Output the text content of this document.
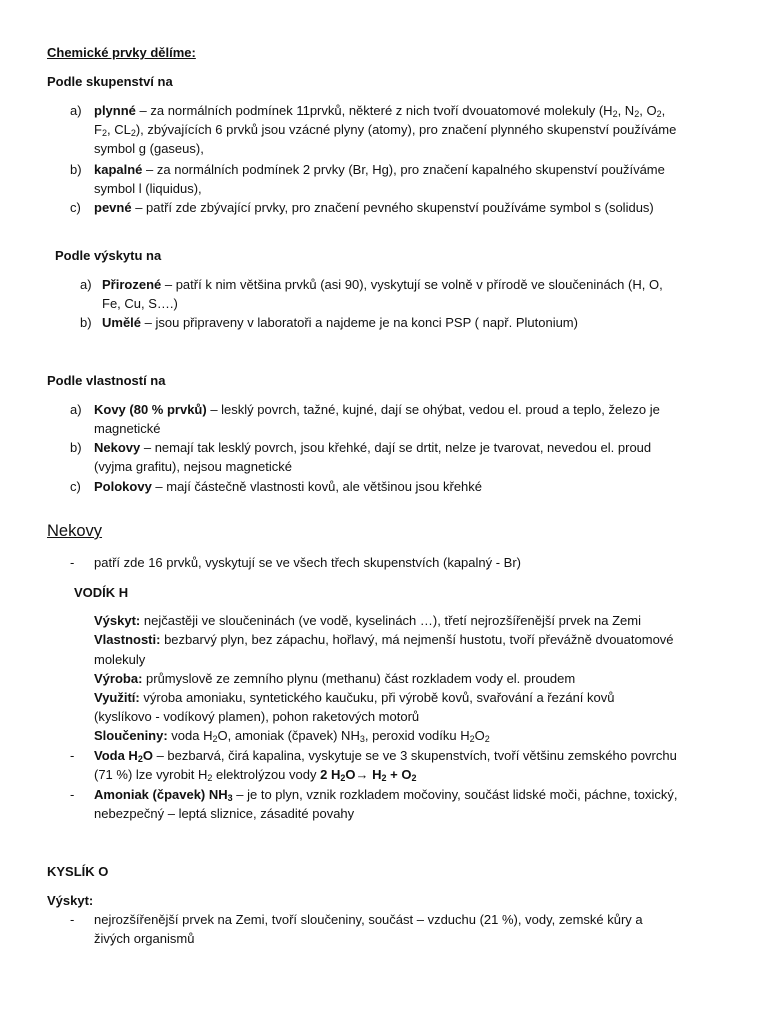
Chemické prvky dělíme:
Podle skupenství na
a) plynné – za normálních podmínek 11prvků, některé z nich tvoří dvouatomové molekuly ($H_2$, $N_2$, $O_2$,
$F_2$, $CL_2$), zbývajících 6 prvků jsou vzácné plyny (atomy), pro značení plynného skupenství používáme
symbol g (gaseus),
b) kapalné – za normálních podmínek 2 prvky (Br, Hg), pro značení kapalného skupenství používáme
symbol l (liquidus),
c) pevné – patří zde zbývající prvky, pro značení pevného skupenství používáme symbol s (solidus)
Podle výskytu na
a) Přirozené – patří k nim většina prvků (asi 90), vyskytují se volně v přírodě ve sloučeninách (H, O,
Fe, Cu, S….)
b) Umělé – jsou připraveny v laboratoři a najdeme je na konci PSP ( např. Plutonium)
Podle vlastností na
a) Kovy (80 % prvků) – lesklý povrch, tažné, kujné, dají se ohýbat, vedou el. proud a teplo, železo je
magnetické
b) Nekovy – nemají tak lesklý povrch, jsou křehké, dají se drtit, nelze je tvarovat, nevedou el. proud
(vyjma grafitu), nejsou magnetické
c) Polokovy – mají částečně vlastnosti kovů, ale většinou jsou křehké
Nekovy
- patří zde 16 prvků, vyskytují se ve všech třech skupenstvích (kapalný - Br)
VODÍK H
Výskyt: nejčastěji ve sloučeninách (ve vodě, kyselinách …), třetí nejrozšířenější prvek na Zemi
Vlastnosti: bezbarvý plyn, bez zápachu, hořlavý, má nejmenší hustotu, tvoří převážně dvouatomové
molekuly
Výroba: průmyslově ze zemního plynu (methanu) část rozkladem vody el. proudem
Využití: výroba amoniaku, syntetického kaučuku, při výrobě kovů, svařování a řezání kovů
(kyslíkovo - vodíkový plamen), pohon raketových motorů
Sloučeniny: voda $H_2O$, amoniak (čpavek) $NH_3$, peroxid vodíku $H_2O_2$
- Voda $H_2O$ – bezbarvá, čirá kapalina, vyskytuje se ve 3 skupenstvích, tvoří většinu zemského povrchu
(71 %) lze vyrobit $H_2$ elektrolýzou vody 2 $H_2O\to H_2 + O_2$
- Amoniak (čpavek) $NH_3$ – je to plyn, vznik rozkladem močoviny, součást lidské moči, páchne, toxický,
nebezpečný – leptá sliznice, zásadité povahy
KYSLÍK O
Výskyt:
- nejrozšířenější prvek na Zemi, tvoří sloučeniny, součást – vzduchu (21 %), vody, zemské kůry a
živých organismů
